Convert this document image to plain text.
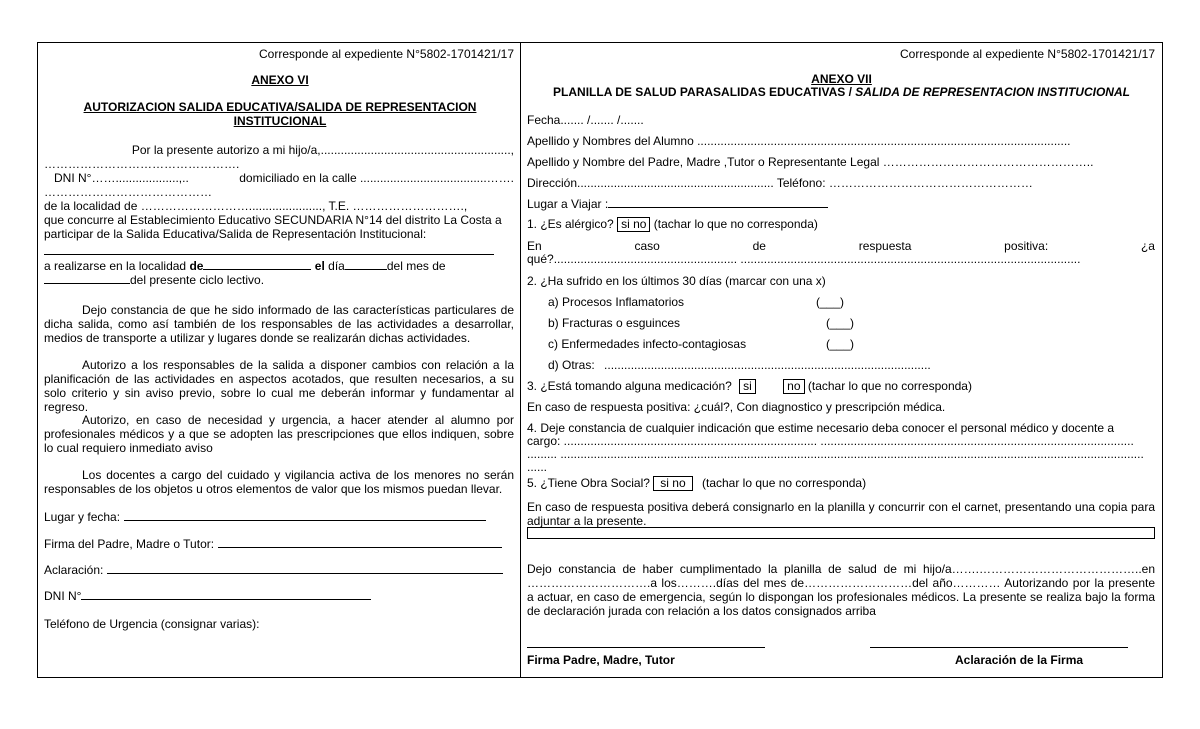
Corresponde al expediente N°5802-1701421/17
ANEXO VI
AUTORIZACION SALIDA EDUCATIVA/SALIDA DE REPRESENTACION
INSTITUCIONAL
Por la presente autorizo a mi hijo/a,.........................................................,
………………………………………….
DNI N°……...................,..	domiciliado en la calle ......................................…….
……………………………………
de la localidad de ………………………......................, T.E. ……………………….,
que concurre al Establecimiento Educativo SECUNDARIA N°14 del distrito La Costa a
participar de la Salida Educativa/Salida de Representación Institucional:
a realizarse en la localidad de	el día	del mes de
del presente ciclo lectivo.
Dejo constancia de que he sido informado de las características particulares de dicha salida, como así también de los responsables de las actividades a desarrollar, medios de transporte a utilizar y lugares donde se realizarán dichas actividades.
Autorizo a los responsables de la salida a disponer cambios con relación a la planificación de las actividades en aspectos acotados, que resulten necesarios, a su solo criterio y sin aviso previo, sobre lo cual me deberán informar y fundamentar al regreso.
Autorizo, en caso de necesidad y urgencia, a hacer atender al alumno por profesionales médicos y a que se adopten las prescripciones que ellos indiquen, sobre lo cual requiero inmediato aviso
Los docentes a cargo del cuidado y vigilancia activa de los menores no serán responsables de los objetos u otros elementos de valor que los mismos puedan llevar.
Lugar y fecha:
Firma del Padre, Madre o Tutor:
Aclaración:
DNI N°
Teléfono de Urgencia (consignar varias):
Corresponde al expediente N°5802-1701421/17
ANEXO VII
PLANILLA DE SALUD PARASALIDAS EDUCATIVAS / SALIDA DE REPRESENTACION INSTITUCIONAL
Fecha....... /....... /.......
Apellido y Nombres del Alumno ................................................................................................................
Apellido y Nombre del Padre, Madre ,Tutor o Representante Legal ……………………………………………..
Dirección........................................................... Teléfono: ……………………………………………
Lugar a Viajar :
1. ¿Es alérgico? si no (tachar lo que no corresponda)
En	caso	de	respuesta	positiva:	¿a
qué?....................................................... ......................................................................................................
2. ¿Ha sufrido en los últimos 30 días (marcar con una x)
a) Procesos Inflamatorios	(___)
b) Fracturas o esguinces	(___)
c) Enfermedades infecto-contagiosas	(___)
d) Otras: ..................................................................................................
3. ¿Está tomando alguna medicación? si	no (tachar lo que no corresponda)
En caso de respuesta positiva: ¿cuál?, Con diagnostico y prescripción médica.
4. Deje constancia de cualquier indicación que estime necesario deba conocer el personal médico y docente a
cargo: ............................................................................ ..............................................................................................
......... ...............................................................................................................................................................................
......
5. ¿Tiene Obra Social? si no (tachar lo que no corresponda)
En caso de respuesta positiva deberá consignarlo en la planilla y concurrir con el carnet, presentando una copia para adjuntar a la presente.
Dejo constancia de haber cumplimentado la planilla de salud de mi hijo/a…….…………………………………..en ………………………….a los……….días del mes de………………………del año………… Autorizando por la presente a actuar, en caso de emergencia, según lo dispongan los profesionales médicos. La presente se realiza bajo la forma de declaración jurada con relación a los datos consignados arriba
Firma Padre, Madre, Tutor	Aclaración de la Firma
